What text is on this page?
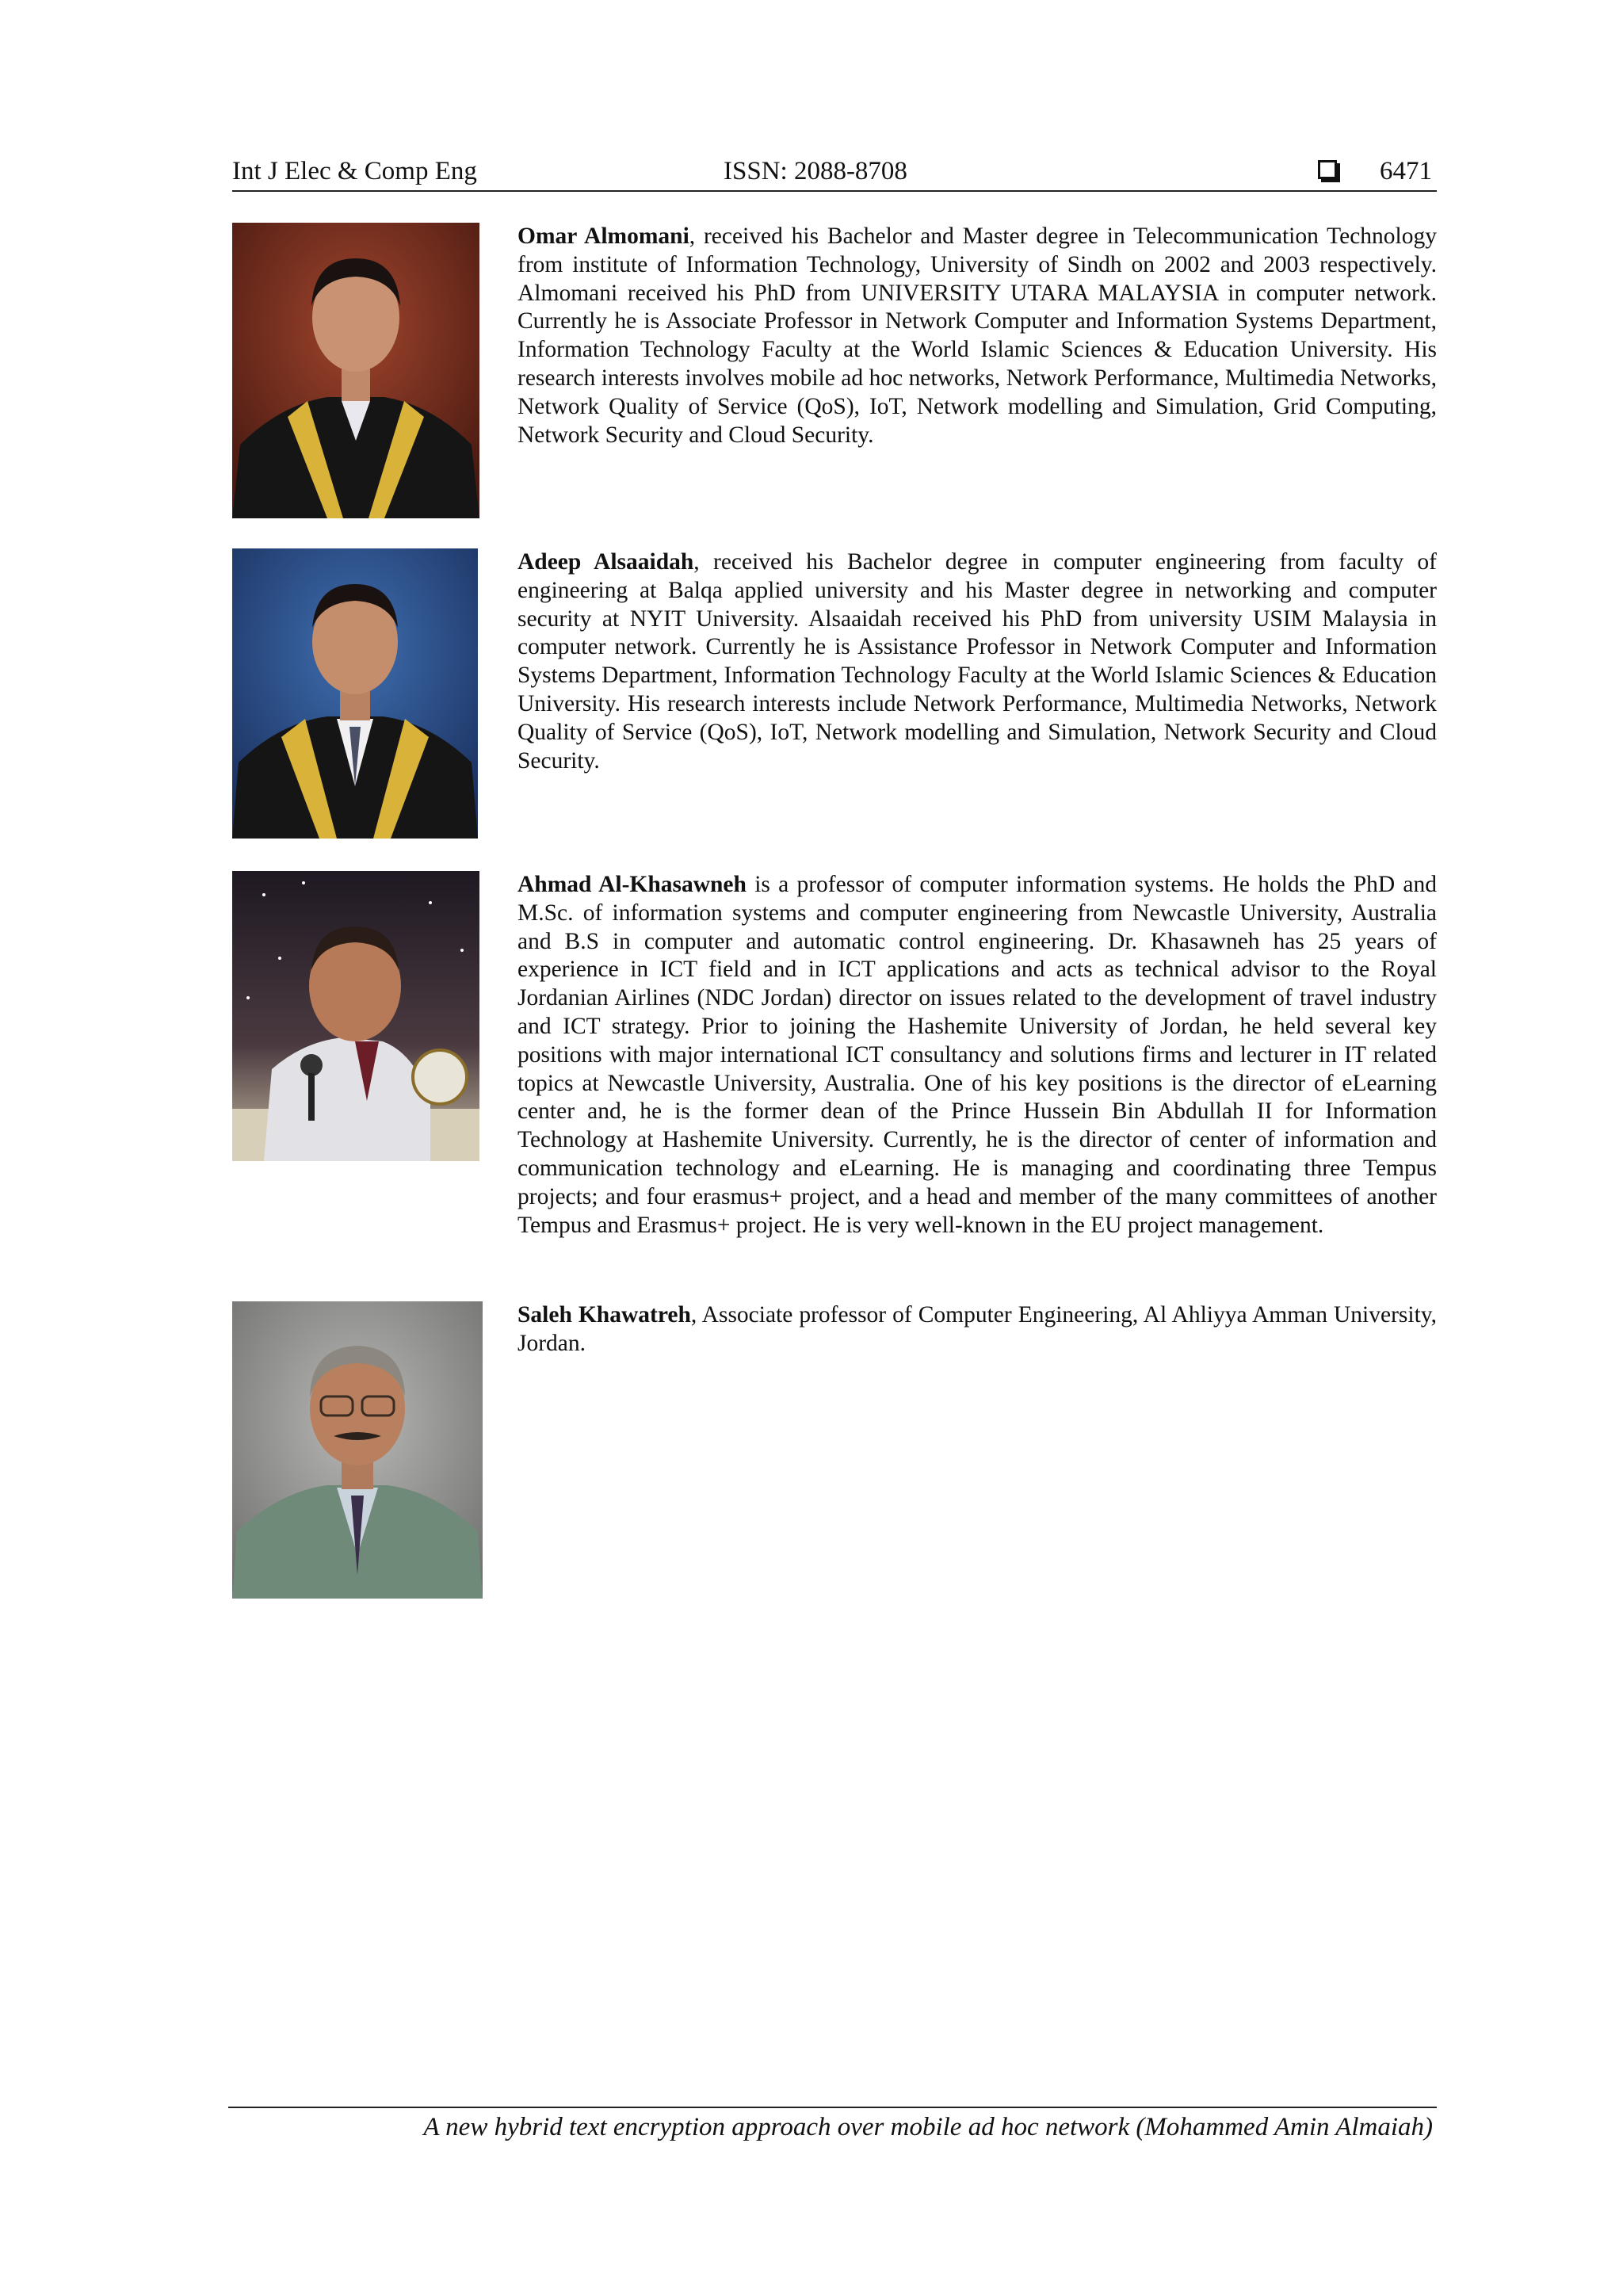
Int J Elec & Comp Eng	ISSN: 2088-8708	6471

Omar Almomani, received his Bachelor and Master degree in Telecommunication Technology from institute of Information Technology, University of Sindh on 2002 and 2003 respectively. Almomani received his PhD from UNIVERSITY UTARA MALAYSIA in computer network. Currently he is Associate Professor in Network Computer and Information Systems Department, Information Technology Faculty at the World Islamic Sciences & Education University. His research interests involves mobile ad hoc networks, Network Performance, Multimedia Networks, Network Quality of Service (QoS), IoT, Network modelling and Simulation, Grid Computing, Network Security and Cloud Security.

Adeep Alsaaidah, received his Bachelor degree in computer engineering from faculty of engineering at Balqa applied university and his Master degree in networking and computer security at NYIT University. Alsaaidah received his PhD from university USIM Malaysia in computer network. Currently he is Assistance Professor in Network Computer and Information Systems Department, Information Technology Faculty at the World Islamic Sciences & Education University. His research interests include Network Performance, Multimedia Networks, Network Quality of Service (QoS), IoT, Network modelling and Simulation, Network Security and Cloud Security.

Ahmad Al-Khasawneh is a professor of computer information systems. He holds the PhD and M.Sc. of information systems and computer engineering from Newcastle University, Australia and B.S in computer and automatic control engineering. Dr. Khasawneh has 25 years of experience in ICT field and in ICT applications and acts as technical advisor to the Royal Jordanian Airlines (NDC Jordan) director on issues related to the development of travel industry and ICT strategy. Prior to joining the Hashemite University of Jordan, he held several key positions with major international ICT consultancy and solutions firms and lecturer in IT related topics at Newcastle University, Australia. One of his key positions is the director of eLearning center and, he is the former dean of the Prince Hussein Bin Abdullah II for Information Technology at Hashemite University. Currently, he is the director of center of information and communication technology and eLearning. He is managing and coordinating three Tempus projects; and four erasmus+ project, and a head and member of the many committees of another Tempus and Erasmus+ project. He is very well-known in the EU project management.

Saleh Khawatreh, Associate professor of Computer Engineering, Al Ahliyya Amman University, Jordan.

A new hybrid text encryption approach over mobile ad hoc network (Mohammed Amin Almaiah)
